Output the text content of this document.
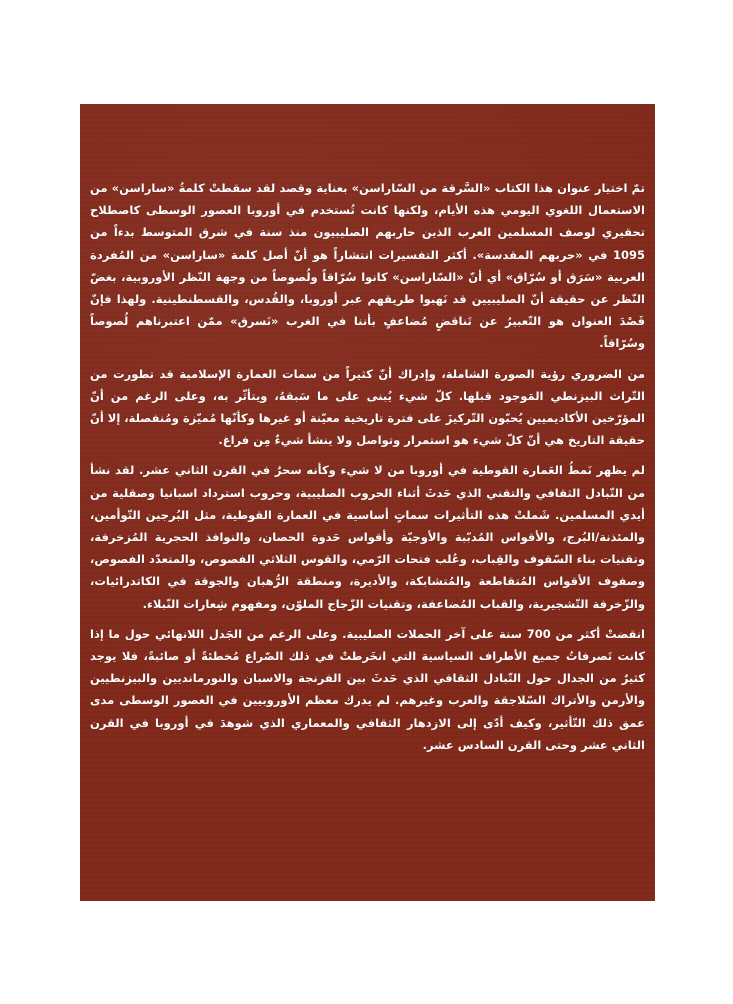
تمّ اختيار عنوان هذا الكتاب «السَّرقة من السّاراسن» بعناية وقصد لقد سقطتْ كلمةُ «ساراسن» من الاستعمال اللغوي اليومي هذه الأيام، ولكنها كانت تُستخدم في أوروبا العصور الوسطى كاصطلاح تحقيري لوصف المسلمين العرب الذين حاربهم الصليبيون منذ سنة في شرق المتوسط بدءاً من 1095 في «حربهم المقدسة». أكثر التفسيرات انتشاراً هو أنّ أصل كلمة «ساراسن» من المُفردة العربية «سَرَق أو سُرّاق» أي أنّ «السّاراسن» كانوا سُرّاقاً ولُصوصاً من وجهة النّظر الأوروبية، بغضّ النّظر عن حقيقة أنّ الصليبيين قد نَهبوا طريقهم عبر أوروبا، والقُدس، والقسطنطينية. ولهذا فإنّ قَصْدَ العنوان هو التّعبيرُ عن تَناقضٍ مُضاعفٍ بأننا في الغرب «نَسرق» ممّن اعتبرناهم لُصوصاً وسُرّاقاً.

من الضروري رؤية الصورة الشاملة، وإدراك أنّ كثيراً من سمات العمارة الإسلامية قد تطورت من التّراث البيزنطي المَوجود قبلها. كلّ شيء يُبنى على ما سَبقهُ، ويتأثّر به، وعلى الرغم من أنّ المؤرّخين الأكاديميين يُحبّون التّركيزَ على فترة تاريخية معيّنة أو غيرها وكأنّها مُميّزة ومُنفصلة، إلا أنّ حقيقة التاريخ هي أنّ كلّ شيء هو استمرار وتواصل ولا ينشأ شيءٌ مِن فراغ.

لم يظهر نَمطُ العَمارة القوطية في أوروبا من لا شيء وكأنه سحرٌ في القرن الثاني عشر. لقد نشأ من التّبادل الثقافي والتقني الذي حَدثَ أثناء الحروب الصليبية، وحروب استرداد اسبانيا وصقلية من أيدي المسلمين. شَملتْ هذه التأثيرات سماتٍ أساسية في العمارة القوطية، مثل البُرجين التّوأمين، والمئذنة/البُرج، والأقواس المُدبّبة والأوجيّة وأقواس حَدوة الحصان، والنوافذ الحجرية المُزخرفة، وتقنيات بناء السّقوف والقِباب، وعُلب فتحات الرّمي، والقوس الثلاثي الفصوص، والمتعدّد الفصوص، وصفوف الأقواس المُتقاطعة والمُتشابكة، والأديرة، ومنطقة الرُّهبان والجوقة في الكاتدرائيات، والزّخرفة التّشجيرية، والقباب المُضاعفة، وتقنيات الزّجاج الملوّن، ومفهوم شِعارات النّبلاء.

انقضتْ أكثر من 700 سنة على آخر الحملات الصليبية. وعلى الرغم من الجَدل اللانهائي حول ما إذا كانت تَصرفاتُ جميع الأطراف السياسية التي انخَرطتْ في ذلك الصّراع مُخطئةً أو صائبةً، فلا يوجد كثيرٌ من الجدال حول التّبادل الثقافي الذي حَدثَ بين الفرنجة والاسبان والنورمانديين والبيزنطيين والأرمن والأتراك السّلاجقة والعرب وغيرهم. لم يدرك معظم الأوروبيين في العصور الوسطى مدى عمق ذلك التّأثير، وكيف أدّى إلى الازدهار الثقافي والمعماري الذي شوهدَ في أوروبا في القرن الثاني عشر وحتى القرن السادس عشر.
